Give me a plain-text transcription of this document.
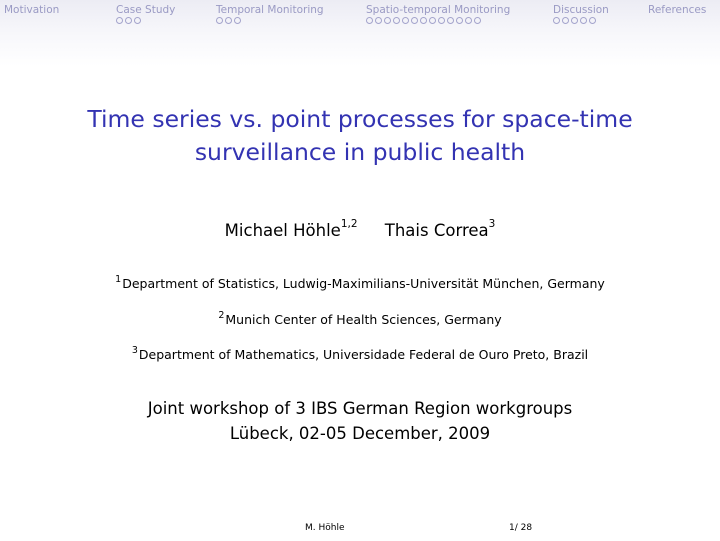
Motivation	Case Study	Temporal Monitoring	Spatio-temporal Monitoring	Discussion	References
Time series vs. point processes for space-time
surveillance in public health
Michael Höhle$^{1,2}$ Thais Correa$^3$
$^1$Department of Statistics, Ludwig-Maximilians-Universität München, Germany
$^2$Munich Center of Health Sciences, Germany
$^3$Department of Mathematics, Universidade Federal de Ouro Preto, Brazil
Joint workshop of 3 IBS German Region workgroups
Lübeck, 02-05 December, 2009
M. Höhle	1/ 28
